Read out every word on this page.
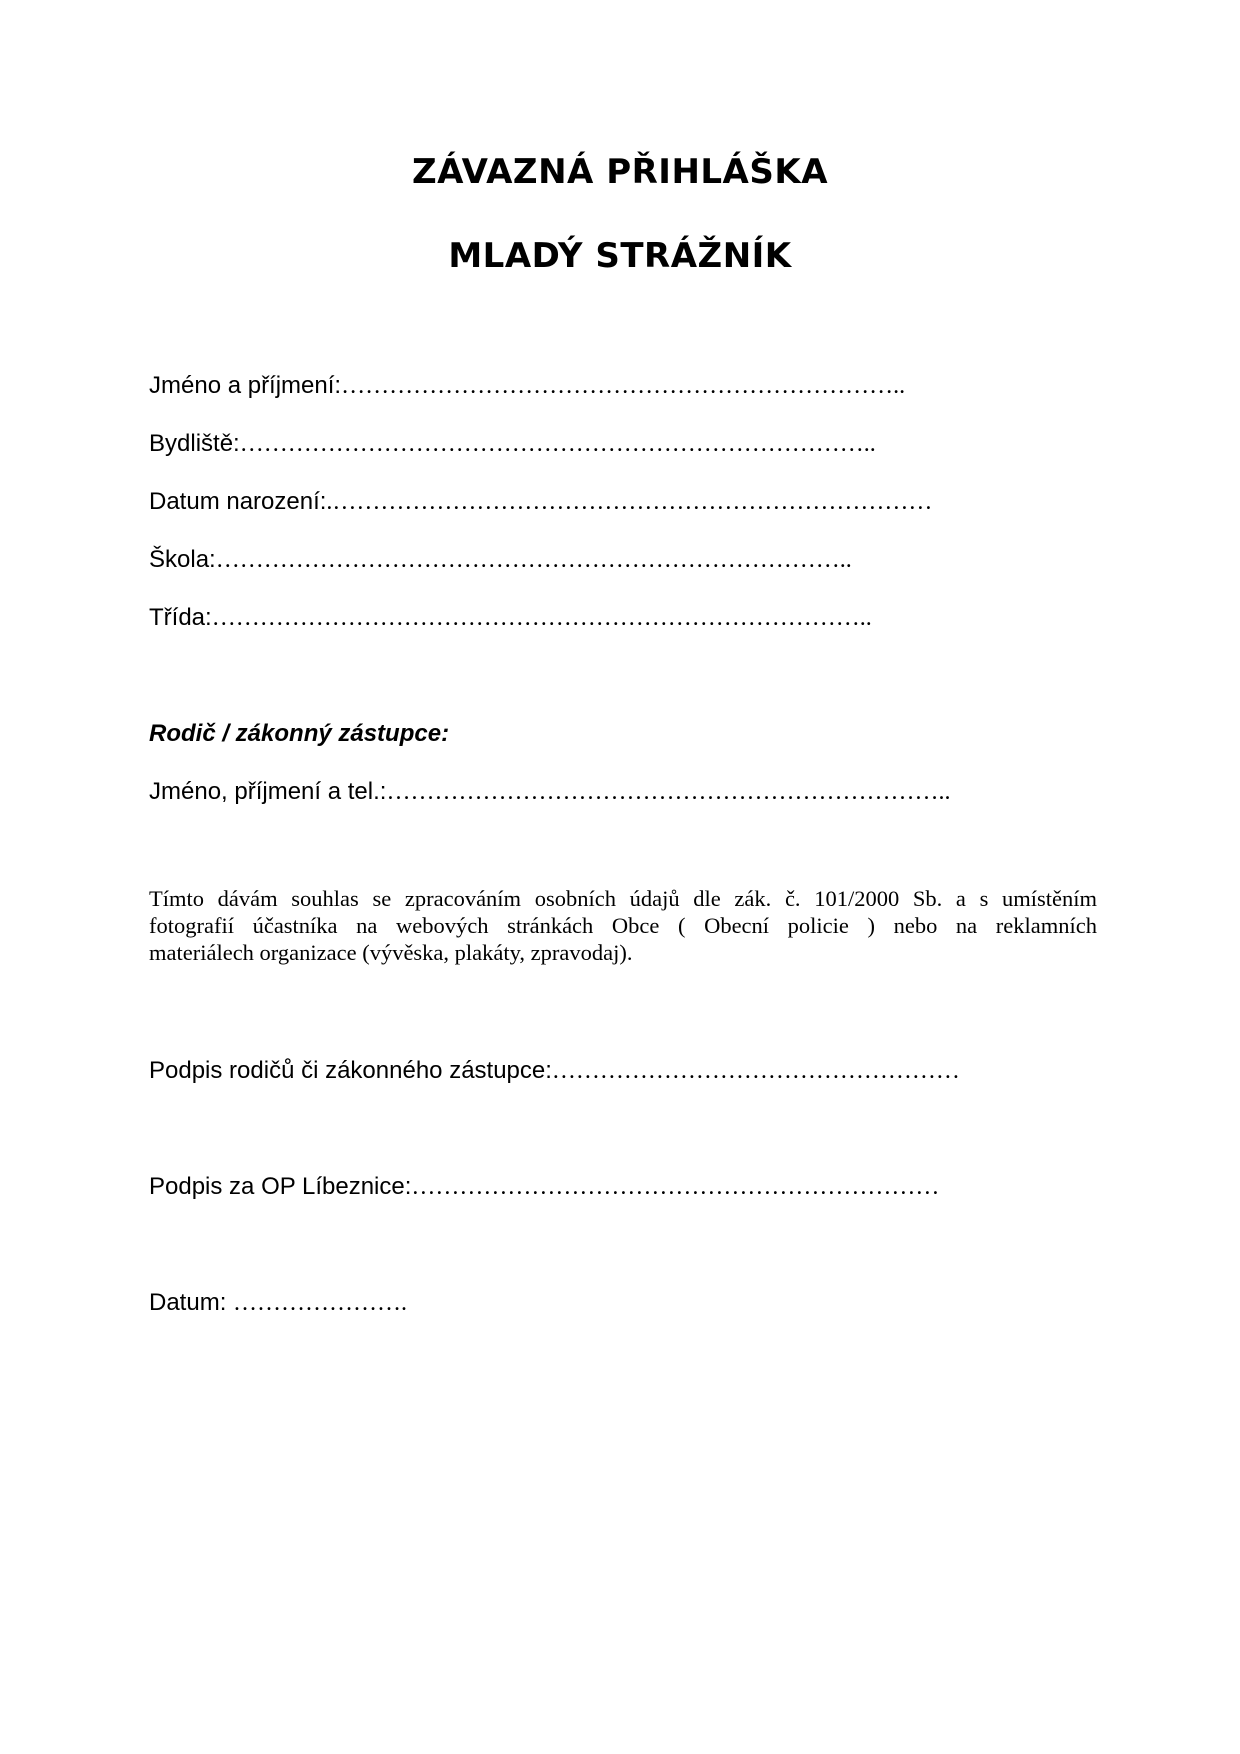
ZÁVAZNÁ PŘIHLÁŠKA
MLADÝ STRÁŽNÍK
Jméno a příjmení:……………………………………………………………..
Bydliště:……………………………………………………………………..
Datum narození:.…………………………………………………………………
Škola:……………………………………………………………………..
Třída:………………………………………………………………………..
Rodič / zákonný zástupce:
Jméno, příjmení a tel.:……………………………………………………………..
Tímto dávám souhlas se zpracováním osobních údajů dle zák. č. 101/2000 Sb. a s umístěním
fotografií účastníka na webových stránkách Obce ( Obecní policie ) nebo na reklamních
materiálech organizace (vývěska, plakáty, zpravodaj).
Podpis rodičů či zákonného zástupce:……………………………………………
Podpis za OP Líbeznice:…………………………………………………………
Datum: ………………….
